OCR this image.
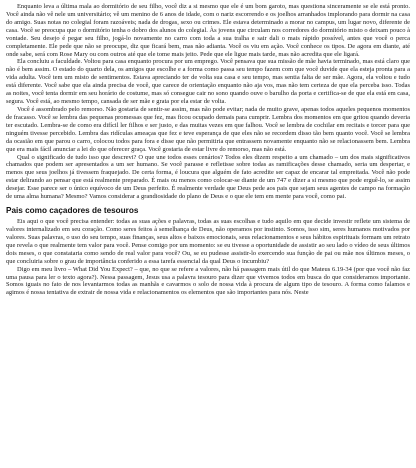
Enquanto leva a última mala ao dormitório de seu filho, você diz a si mesmo que ele é um bom garoto, mas questiona sinceramente se ele está pronto. Você ainda não vê nele um universitário; vê um menino de 6 anos de idade, com o nariz escorrendo e os joelhos arranhados implorando para dormir na casa do amigo. Suas notas no colegial foram razoáveis; nada de drogas, sexo ou crimes. Ele estava determinado a morar no campus, um lugar novo, diferente de casa. Você se preocupa que o dormitório tenha o dobro dos alunos do colegial. Às jovens que circulam nos corredores do dormitório misto o deixam pouco à vontade. Seu desejo é pegar seu filho, jogá-lo novamente no carro com toda a sua tralha e sair dali o mais rápido possível, antes que você o perca completamente. Ele pede que não se preocupe, diz que ficará bem, mas não adianta. Você os viu em ação. Você conhece os tipos. De agora em diante, até onde sabe, será com Rose Mary ou com outros até que ele tome mais jeito. Pede que ele ligue mais tarde, mas não acredita que ele ligará.

Ela concluiu a faculdade. Voltou para casa enquanto procura por um emprego. Você pensava que sua missão de mãe havia terminado, mas está claro que não é bem assim. O estado do quarto dela, os amigos que escolhe e a forma como passa seu tempo fazem com que você duvide que ela esteja pronta para a vida adulta. Você tem um misto de sentimentos. Estava apreciando ter de volta sua casa e seu tempo, mas sentia falta de ser mãe. Agora, ela voltou e tudo está diferente. Você sabe que ela ainda precisa de você, que carece de orientação enquanto não aja vos, mas não tem certeza de que ela perceba isso. Todas as noites, você tenta dormir em seu horário de costume, mas só consegue cair no sono quando ouve o barulho da porta e certifica-se de que ela está em casa, segura. Você está, ao mesmo tempo, cansada de ser mãe e grata por ela estar de volta.

Você é assombrado pelo remorso. Não gostaria de sentir-se assim, mas não pode evitar; nada de muito grave, apenas todos aqueles pequenos momentos de fracasso. Você se lembra das pequenas promessas que fez, mas ficou ocupado demais para cumprir. Lembra dos momentos em que gritou quando deveria ter escutado. Lembra-se de como era difícil ler filhos e ser justo, e das muitas vezes em que falhou. Você se lembra de cochilar em recitais e torcer para que ninguém tivesse percebido. Lembra das ridículas ameaças que fez e teve esperança de que eles não se recordem disso tão bem quanto você. Você se lembra da ocasião em que parou o carro, colocou todos para fora e disse que não permitiria que entrassem novamente enquanto não se relacionassem bem. Lembra que era mais fácil anunciar a lei do que oferecer graça. Você gostaria de estar livre do remorso, mas não está.

Qual o significado de tudo isso que descrevi? O que une todos esses cenários? Todos eles dizem respeito a um chamado – um dos mais significativos chamados que podem ser apresentados a um ser humano. Se você parasse e refletisse sobre todas as ramificações desse chamado, seria um despertar, e menos que seus joelhos já tivessem fraquejado. De certa forma, é loucura que alguém de fato acredite ser capaz de encarar tal empreitada. Você não pode estar delirando ao pensar que está realmente preparado. É mais ou menos como colocar-se diante de um 747 e dizer a si mesmo que pode erguê-lo, se assim desejar. Esse parece ser o único equívoco de um Deus perfeito. É realmente verdade que Deus pede aos pais que sejam seus agentes de campo na formação de uma alma humana? Mesmo? Vamos considerar a grandiosidade do plano de Deus e o que ele tem em mente para você, como pai.

Pais como caçadores de tesouros

Eis aqui o que você precisa entender: todas as suas ações e palavras, todas as suas escolhas e tudo aquilo em que decide investir reflete um sistema de valores internalizado em seu coração. Como seres feitos à semelhança de Deus, não operamos por instinto. Somos, isso sim, seres humanos motivados por valores. Suas palavras, o uso do seu tempo, suas finanças, seus altos e baixos emocionais, seus relacionamentos e seus hábitos espirituais formam um retrato que revela o que realmente tem valor para você. Pense comigo por um momento: se eu tivesse a oportunidade de assistir ao seu lado o vídeo de seus últimos dois meses, o que constataria como sendo de real valor para você? Ou, se eu pudesse assistir-lo exercendo sua função de pai ou mãe nos últimos meses, o que concluiria sobre o grau de importância conferido a essa tarefa essencial da qual Deus o incumbiu?

Digo em meu livro – What Did You Expect? – que, no que se refere a valores, não há passagem mais útil do que Mateus 6.19-34 (por que você não faz uma pausa para ler o texto agora?). Nessa passagem, Jesus usa a palavra tesouro para dizer que vivemos todos em busca do que consideramos importante. Somos iguais no fato de nos levantarmos todas as manhãs e cavarmos o solo de nossa vida à procura de algum tipo de tesouro. A forma como falamos e agimos é nossa tentativa de extrair de nossa vida e relacionamentos os elementos que são importantes para nós. Neste
